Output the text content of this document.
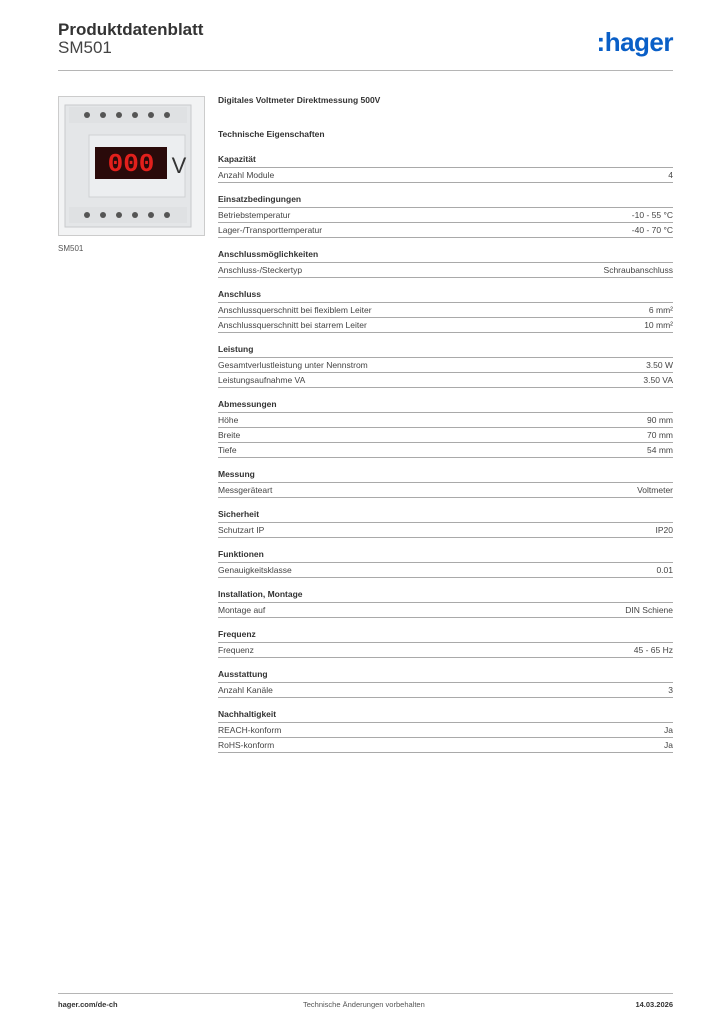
Produktdatenblatt
SM501	:hager
000 V
SM501
Digitales Voltmeter Direktmessung 500V
Technische Eigenschaften
Kapazität
Anzahl Module	4
Einsatzbedingungen
Betriebstemperatur	-10 - 55 °C
Lager-/Transporttemperatur	-40 - 70 °C
Anschlussmöglichkeiten
Anschluss-/Steckertyp	Schraubanschluss
Anschluss
Anschlussquerschnitt bei flexiblem Leiter	6 mm²
Anschlussquerschnitt bei starrem Leiter	10 mm²
Leistung
Gesamtverlustleistung unter Nennstrom	3.50 W
Leistungsaufnahme VA	3.50 VA
Abmessungen
Höhe	90 mm
Breite	70 mm
Tiefe	54 mm
Messung
Messgeräteart	Voltmeter
Sicherheit
Schutzart IP	IP20
Funktionen
Genauigkeitsklasse	0.01
Installation, Montage
Montage auf	DIN Schiene
Frequenz
Frequenz	45 - 65 Hz
Ausstattung
Anzahl Kanäle	3
Nachhaltigkeit
REACH-konform	Ja
RoHS-konform	Ja
hager.com/de-ch	Technische Änderungen vorbehalten	14.03.2026
